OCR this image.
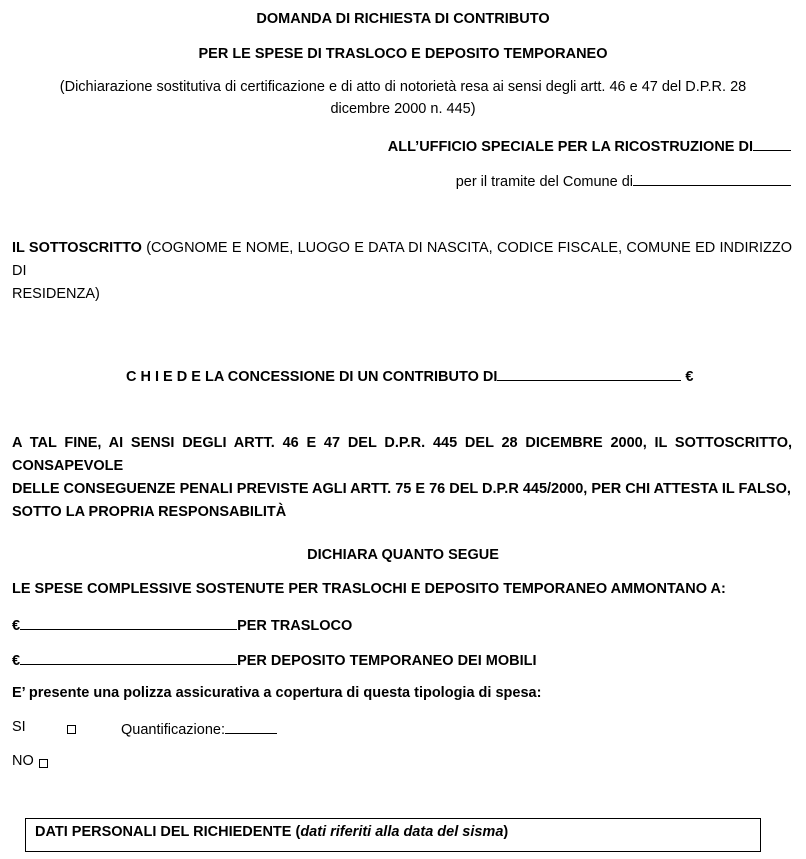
DOMANDA DI RICHIESTA DI CONTRIBUTO
PER LE SPESE DI TRASLOCO E DEPOSITO TEMPORANEO
(Dichiarazione sostitutiva di certificazione e di atto di notorietà resa ai sensi degli artt. 46 e 47 del D.P.R. 28
dicembre 2000 n. 445)
ALL’UFFICIO SPECIALE PER LA RICOSTRUZIONE DI
per il tramite del Comune di
IL SOTTOSCRITTO (COGNOME E NOME, LUOGO E DATA DI NASCITA, CODICE FISCALE, COMUNE ED INDIRIZZO DI
RESIDENZA)
C H I E D E LA CONCESSIONE DI UN CONTRIBUTO DI	€
A TAL FINE, AI SENSI DEGLI ARTT. 46 E 47 DEL D.P.R. 445 DEL 28 DICEMBRE 2000, IL SOTTOSCRITTO, CONSAPEVOLE
DELLE CONSEGUENZE PENALI PREVISTE AGLI ARTT. 75 E 76 DEL D.P.R 445/2000, PER CHI ATTESTA IL FALSO,
SOTTO LA PROPRIA RESPONSABILITÀ
DICHIARA QUANTO SEGUE
LE SPESE COMPLESSIVE SOSTENUTE PER TRASLOCHI E DEPOSITO TEMPORANEO AMMONTANO A:
€	PER TRASLOCO
€	PER DEPOSITO TEMPORANEO DEI MOBILI
E’ presente una polizza assicurativa a copertura di questa tipologia di spesa:
SI	Quantificazione:
NO
DATI PERSONALI DEL RICHIEDENTE (dati riferiti alla data del sisma)
